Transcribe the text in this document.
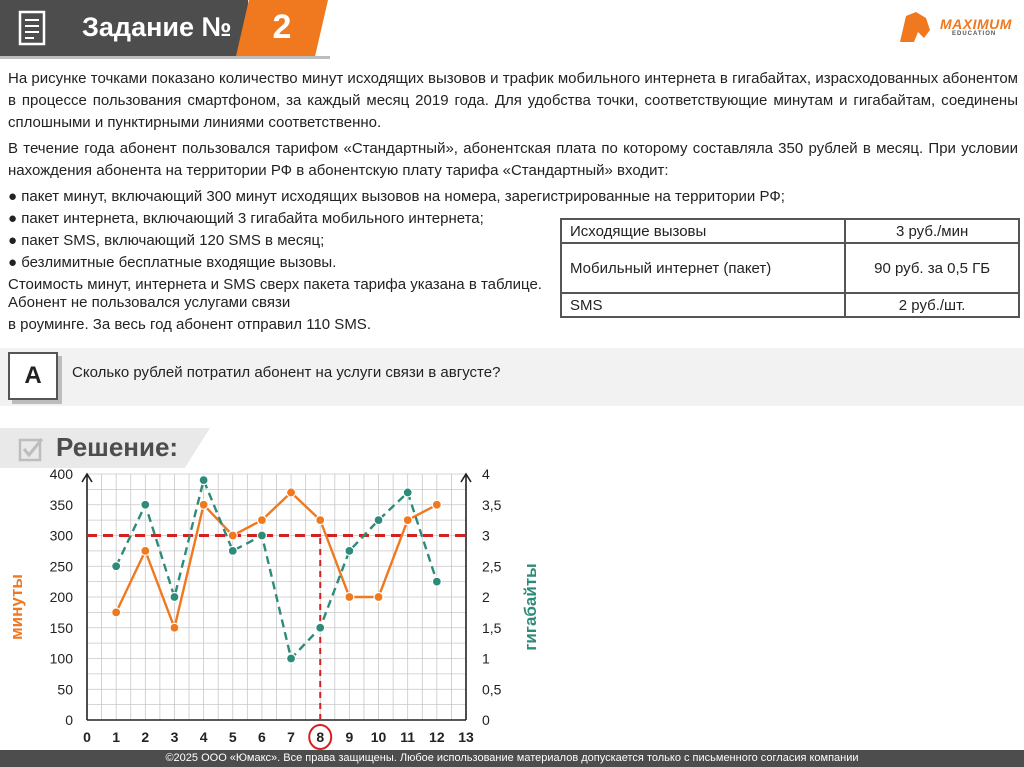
Задание №	2	MAXIMUM
EDUCATION
На рисунке точками показано количество минут исходящих вызовов и трафик мобильного интернета в гигабайтах, израсходованных абонентом в процессе пользования смартфоном, за каждый месяц 2019 года. Для удобства точки, соответствующие минутам и гигабайтам, соединены сплошными и пунктирными линиями соответственно.
В течение года абонент пользовался тарифом «Стандартный», абонентская плата по которому составляла 350 рублей в месяц. При условии нахождения абонента на территории РФ в абонентскую плату тарифа «Стандартный» входит:
● пакет минут, включающий 300 минут исходящих вызовов на номера, зарегистрированные на территории РФ;
● пакет интернета, включающий 3 гигабайта мобильного интернета;
● пакет SMS, включающий 120 SMS в месяц;
● безлимитные бесплатные входящие вызовы.
Стоимость минут, интернета и SMS сверх пакета тарифа указана в таблице.
Абонент не пользовался услугами связи
в роуминге. За весь год абонент отправил 110 SMS.
Исходящие вызовы	3 руб./мин
Мобильный интернет (пакет)	90 руб. за 0,5 ГБ
SMS	2 руб./шт.
А	Сколько рублей потратил абонент на услуги связи в августе?
Решение:
0
50
100
150
200
250
300
350
400
0
0,5
1
1,5
2
2,5
3
3,5
4
0 1 2 3 4 5 6 7 8 9 10 11 12 13
минуты	гигабайты
©2025 ООО «Юмакс». Все права защищены. Любое использование материалов допускается только с письменного согласия компании
